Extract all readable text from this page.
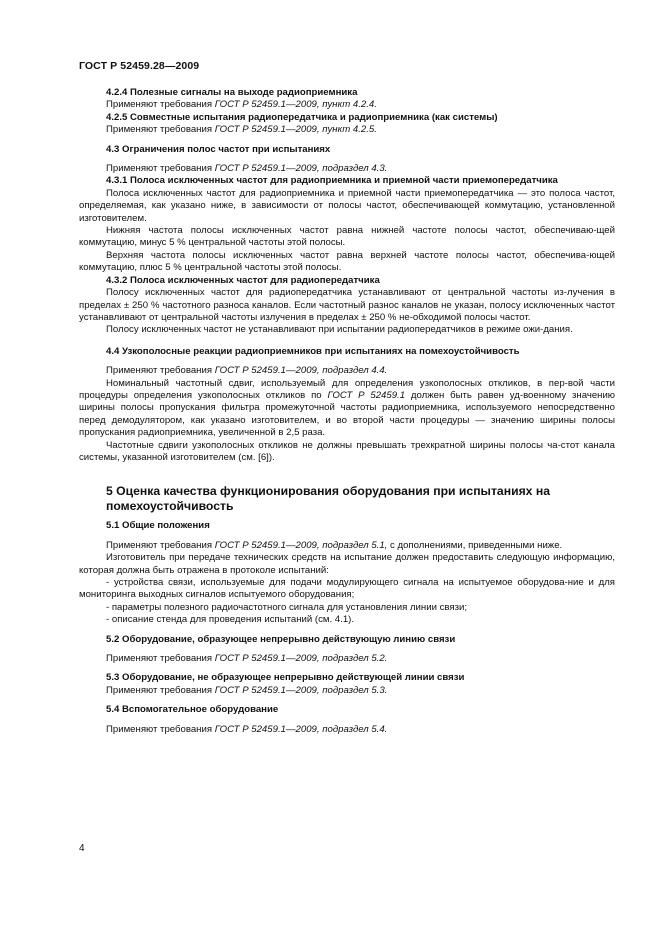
ГОСТ Р 52459.28—2009

4.2.4 Полезные сигналы на выходе радиоприемника

Применяют требования ГОСТ Р 52459.1—2009, пункт 4.2.4.

4.2.5 Совместные испытания радиопередатчика и радиоприемника (как системы)

Применяют требования ГОСТ Р 52459.1—2009, пункт 4.2.5.

4.3 Ограничения полос частот при испытаниях

Применяют требования ГОСТ Р 52459.1—2009, подраздел 4.3.

4.3.1 Полоса исключенных частот для радиоприемника и приемной части приемопередатчика

Полоса исключенных частот для радиоприемника и приемной части приемопередатчика — это полоса частот, определяемая, как указано ниже, в зависимости от полосы частот, обеспечивающей коммутацию, установленной изготовителем.

Нижняя частота полосы исключенных частот равна нижней частоте полосы частот, обеспечиваю-щей коммутацию, минус 5 % центральной частоты этой полосы.

Верхняя частота полосы исключенных частот равна верхней частоте полосы частот, обеспечива-ющей коммутацию, плюс 5 % центральной частоты этой полосы.

4.3.2 Полоса исключенных частот для радиопередатчика

Полосу исключенных частот для радиопередатчика устанавливают от центральной частоты из-лучения в пределах ± 250 % частотного разноса каналов. Если частотный разнос каналов не указан, полосу исключенных частот устанавливают от центральной частоты излучения в пределах ± 250 % не-обходимой полосы частот.

Полосу исключенных частот не устанавливают при испытании радиопередатчиков в режиме ожи-дания.

4.4 Узкополосные реакции радиоприемников при испытаниях на помехоустойчивость

Применяют требования ГОСТ Р 52459.1—2009, подраздел 4.4.

Номинальный частотный сдвиг, используемый для определения узкополосных откликов, в пер-вой части процедуры определения узкополосных откликов по ГОСТ Р 52459.1 должен быть равен уд-военному значению ширины полосы пропускания фильтра промежуточной частоты радиоприемника, используемого непосредственно перед демодулятором, как указано изготовителем, и во второй части процедуры — значению ширины полосы пропускания радиоприемника, увеличенной в 2,5 раза.

Частотные сдвиги узкополосных откликов не должны превышать трехкратной ширины полосы ча-стот канала системы, указанной изготовителем (см. [6]).

5 Оценка качества функционирования оборудования при испытаниях на помехоустойчивость

5.1 Общие положения

Применяют требования ГОСТ Р 52459.1—2009, подраздел 5.1, с дополнениями, приведенными ниже.

Изготовитель при передаче технических средств на испытание должен предоставить следующую информацию, которая должна быть отражена в протоколе испытаний:

- устройства связи, используемые для подачи модулирующего сигнала на испытуемое оборудова-ние и для мониторинга выходных сигналов испытуемого оборудования;

- параметры полезного радиочастотного сигнала для установления линии связи;

- описание стенда для проведения испытаний (см. 4.1).

5.2 Оборудование, образующее непрерывно действующую линию связи

Применяют требования ГОСТ Р 52459.1—2009, подраздел 5.2.

5.3 Оборудование, не образующее непрерывно действующей линии связи

Применяют требования ГОСТ Р 52459.1—2009, подраздел 5.3.

5.4 Вспомогательное оборудование

Применяют требования ГОСТ Р 52459.1—2009, подраздел 5.4.

4
